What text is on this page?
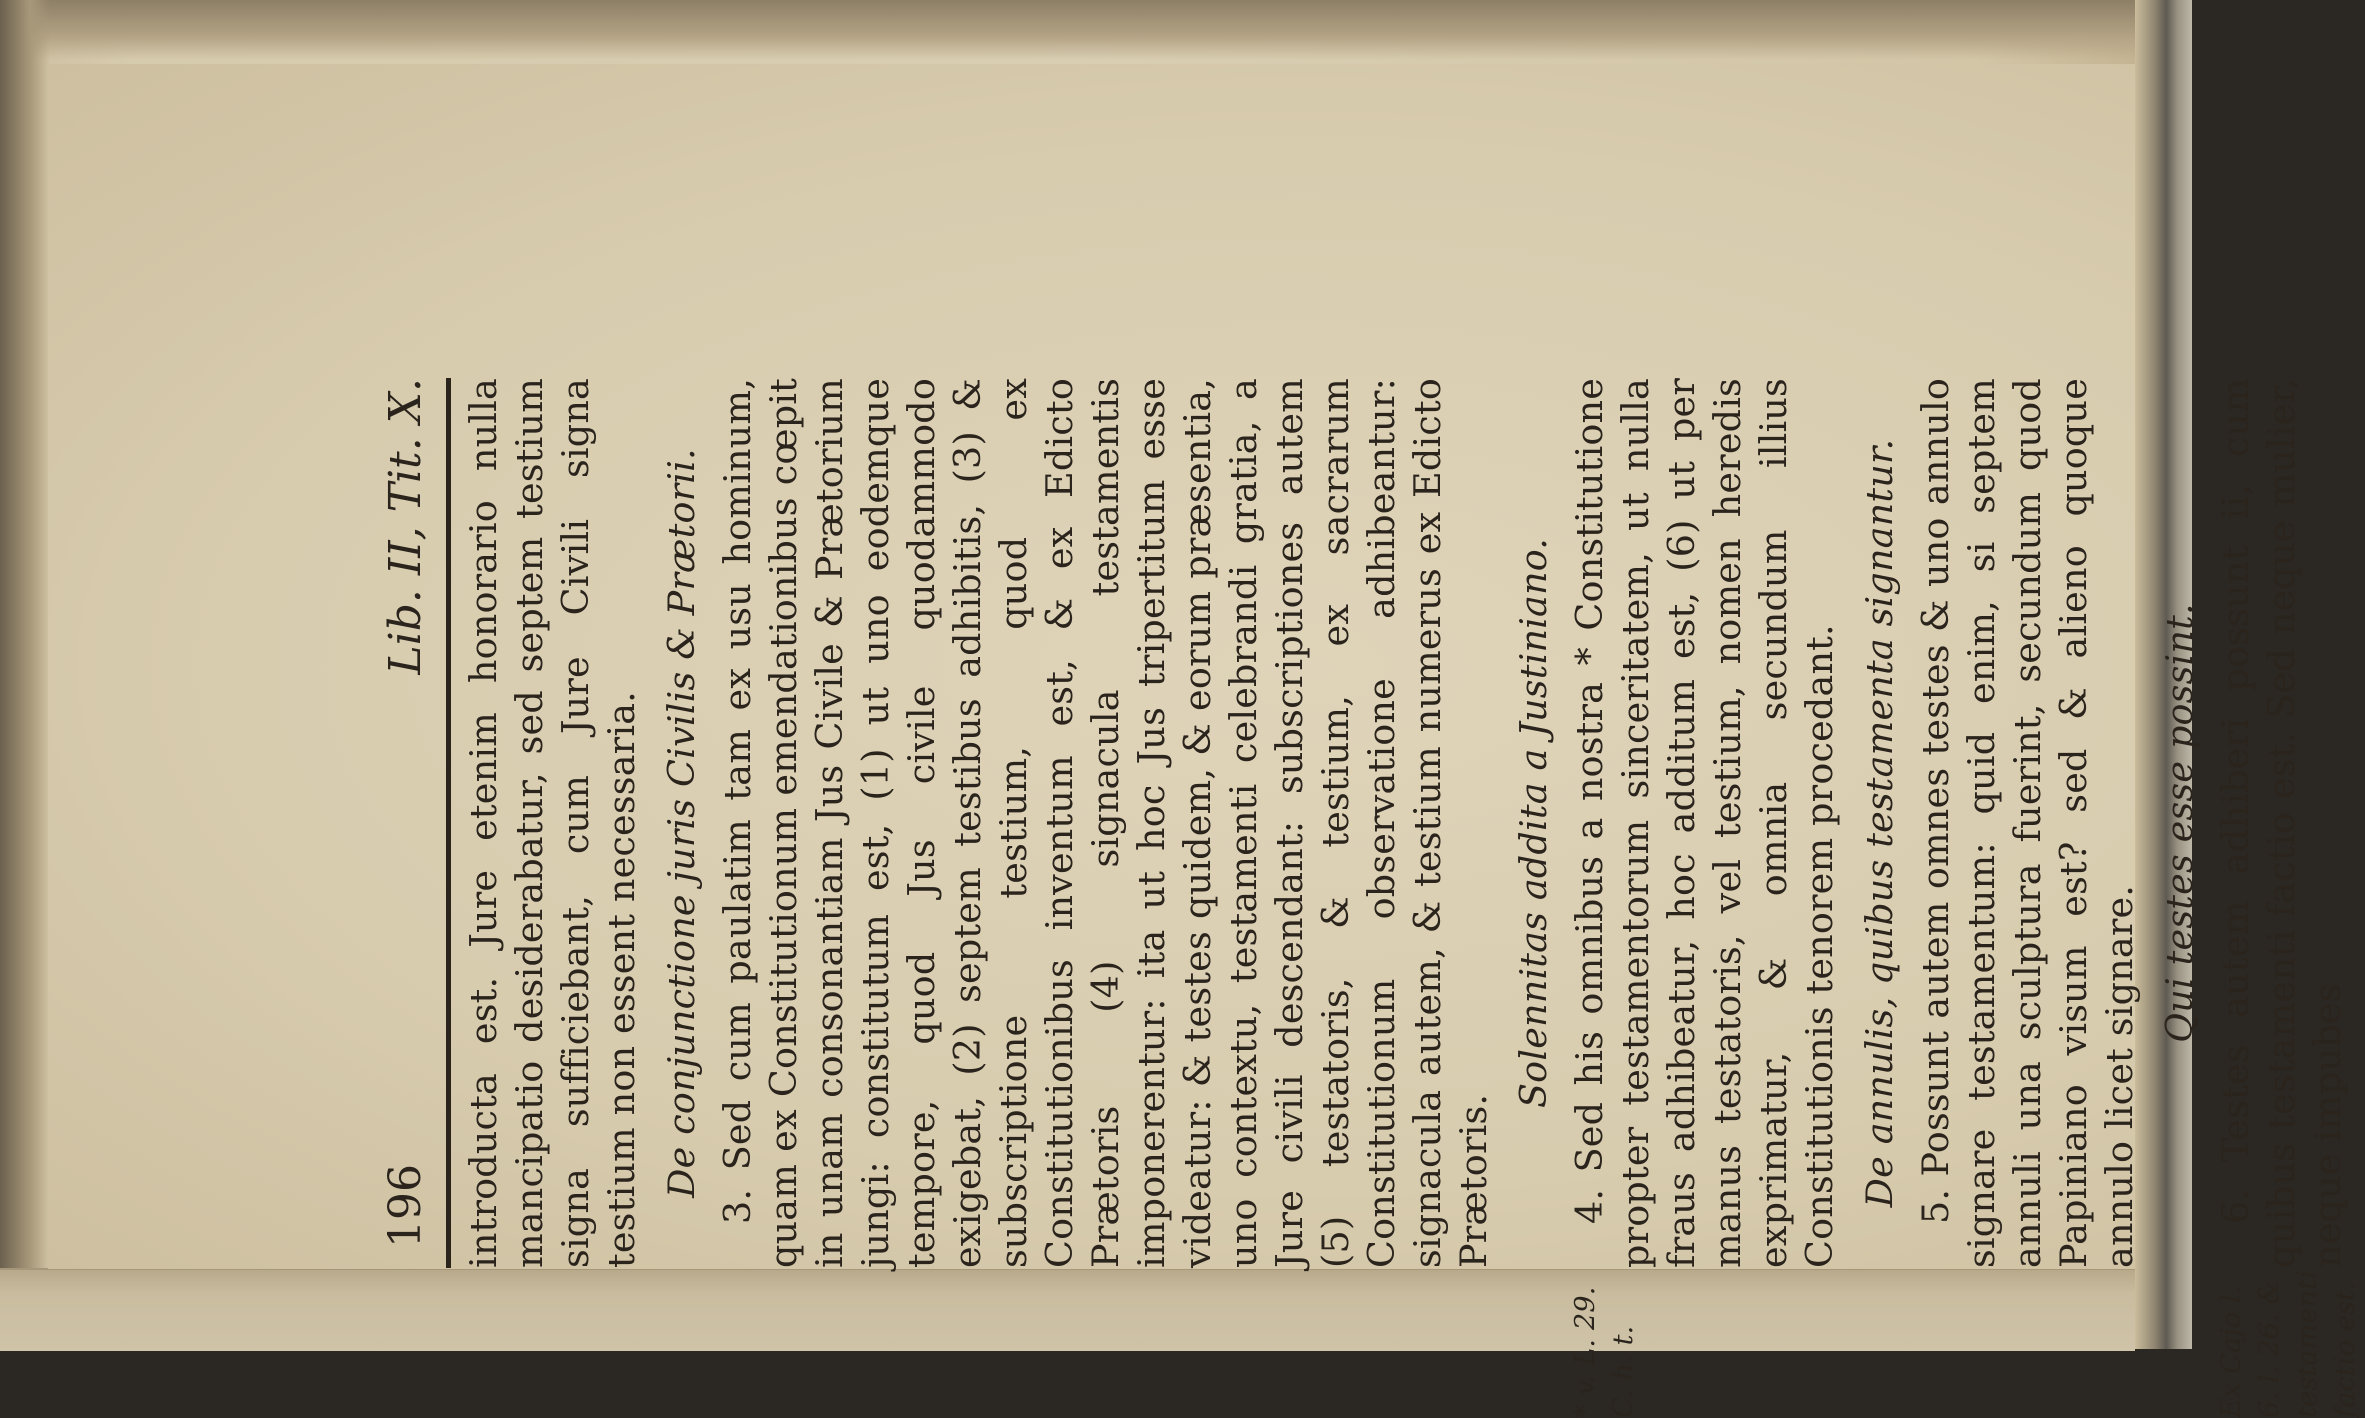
196
Lib. II, Tit. X. introducta est. Jure etenim honorario nulla mancipatio desiderabatur, sed septem testium signa sufficiebant, cum Jure Civili signa testium non essent necessaria. De conjunctione juris Civilis & Prætorii. 3. Sed cum paulatim tam ex usu hominum, quam ex Constitutionum emendationibus cœpit in unam consonantiam Jus Civile & Prætorium jungi: constitutum est, (1) ut uno eodemque tempore, quod Jus civile quodammodo exigebat, (2) septem testibus adhibitis, (3) & subscriptione testium, quod ex Constitutionibus inventum est, & ex Edicto Prætoris (4) signacula testamentis imponerentur: ita ut hoc Jus tripertitum esse videatur: & testes quidem, & eorum præsentia, uno contextu, testamenti celebrandi gratia, a Jure civili descendant: subscriptiones autem (5) testatoris, & testium, ex sacrarum Constitutionum observatione adhibeantur: signacula autem, & testium numerus ex Edicto Prætoris.

Solennitas addita a Justiniano.
* v. L. 29. C. h. t.

4. Sed his omnibus a nostra * Constitutione propter testamentorum sinceritatem, ut nulla fraus adhibeatur, hoc additum est, (6) ut per manus testatoris, vel testium, nomen heredis exprimatur, & omnia secundum illius Constitutionis tenorem procedant. De annulis, quibus testamenta signantur. 5. Possunt autem omnes testes & uno annulo signare testamentum: quid enim, si septem annuli una sculptura fuerint, secundum quod Papiniano visum est? sed & alieno quoque annulo licet signare.

Qui testes esse possint.
Ex Cajo l. 6. l. 26. & testamenti factio est.

6. Testes autem adhiberi possunt ii, cum quibus testamenti factio est. Sed neque mulier, neque impubes
